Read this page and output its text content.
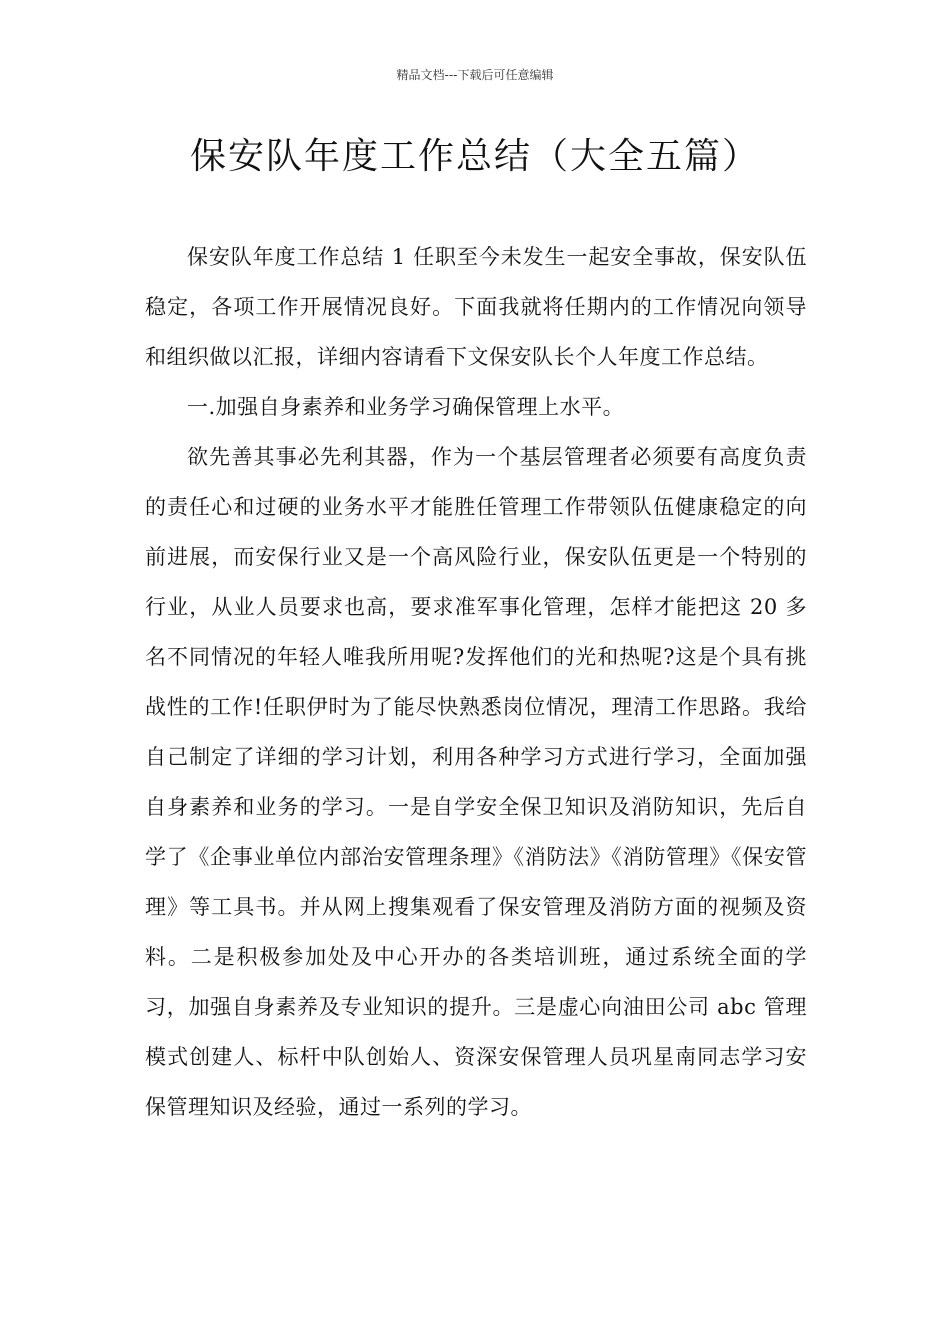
精品文档---下载后可任意编辑
保安队年度工作总结（大全五篇）

保安队年度工作总结 1 任职至今未发生一起安全事故，保安队伍稳定，各项工作开展情况良好。下面我就将任期内的工作情况向领导和组织做以汇报，详细内容请看下文保安队长个人年度工作总结。

一.加强自身素养和业务学习确保管理上水平。

欲先善其事必先利其器，作为一个基层管理者必须要有高度负责的责任心和过硬的业务水平才能胜任管理工作带领队伍健康稳定的向前进展，而安保行业又是一个高风险行业，保安队伍更是一个特别的行业，从业人员要求也高，要求准军事化管理，怎样才能把这 20 多名不同情况的年轻人唯我所用呢?发挥他们的光和热呢?这是个具有挑战性的工作!任职伊时为了能尽快熟悉岗位情况，理清工作思路。我给自己制定了详细的学习计划，利用各种学习方式进行学习，全面加强自身素养和业务的学习。一是自学安全保卫知识及消防知识，先后自学了《企事业单位内部治安管理条理》《消防法》《消防管理》《保安管理》等工具书。并从网上搜集观看了保安管理及消防方面的视频及资料。二是积极参加处及中心开办的各类培训班，通过系统全面的学习，加强自身素养及专业知识的提升。三是虚心向油田公司 abc 管理模式创建人、标杆中队创始人、资深安保管理人员巩星南同志学习安保管理知识及经验，通过一系列的学习。
